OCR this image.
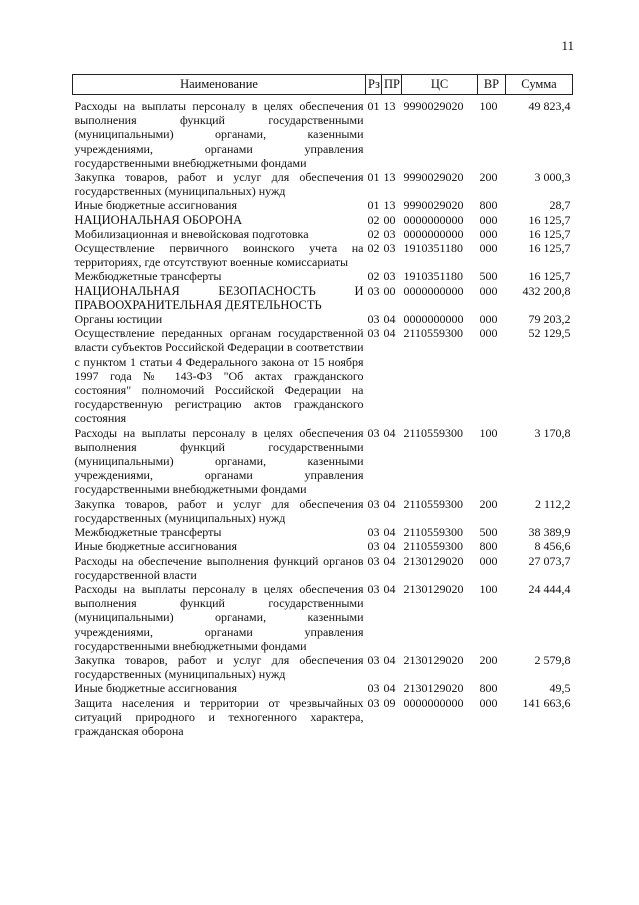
11
Наименование	Рз	ПР	ЦС	ВР	Сумма

Расходы на выплаты персоналу в целях обеспечения выполнения функций государственными (муниципальными) органами, казенными учреждениями, органами управления государственными внебюджетными фондами	01	13	9990029020	100	49 823,4
Закупка товаров, работ и услуг для обеспечения государственных (муниципальных) нужд	01	13	9990029020	200	3 000,3
Иные бюджетные ассигнования	01	13	9990029020	800	28,7
НАЦИОНАЛЬНАЯ ОБОРОНА	02	00	0000000000	000	16 125,7
Мобилизационная и вневойсковая подготовка	02	03	0000000000	000	16 125,7
Осуществление первичного воинского учета на территориях, где отсутствуют военные комиссариаты	02	03	1910351180	000	16 125,7
Межбюджетные трансферты	02	03	1910351180	500	16 125,7
НАЦИОНАЛЬНАЯ БЕЗОПАСНОСТЬ И ПРАВООХРАНИТЕЛЬНАЯ ДЕЯТЕЛЬНОСТЬ	03	00	0000000000	000	432 200,8
Органы юстиции	03	04	0000000000	000	79 203,2
Осуществление переданных органам государственной власти субъектов Российской Федерации в соответствии с пунктом 1 статьи 4 Федерального закона от 15 ноября 1997 года № 143-ФЗ "Об актах гражданского состояния" полномочий Российской Федерации на государственную регистрацию актов гражданского состояния	03	04	2110559300	000	52 129,5
Расходы на выплаты персоналу в целях обеспечения выполнения функций государственными (муниципальными) органами, казенными учреждениями, органами управления государственными внебюджетными фондами	03	04	2110559300	100	3 170,8
Закупка товаров, работ и услуг для обеспечения государственных (муниципальных) нужд	03	04	2110559300	200	2 112,2
Межбюджетные трансферты	03	04	2110559300	500	38 389,9
Иные бюджетные ассигнования	03	04	2110559300	800	8 456,6
Расходы на обеспечение выполнения функций органов государственной власти	03	04	2130129020	000	27 073,7
Расходы на выплаты персоналу в целях обеспечения выполнения функций государственными (муниципальными) органами, казенными учреждениями, органами управления государственными внебюджетными фондами	03	04	2130129020	100	24 444,4
Закупка товаров, работ и услуг для обеспечения государственных (муниципальных) нужд	03	04	2130129020	200	2 579,8
Иные бюджетные ассигнования	03	04	2130129020	800	49,5
Защита населения и территории от чрезвычайных ситуаций природного и техногенного характера, гражданская оборона	03	09	0000000000	000	141 663,6
